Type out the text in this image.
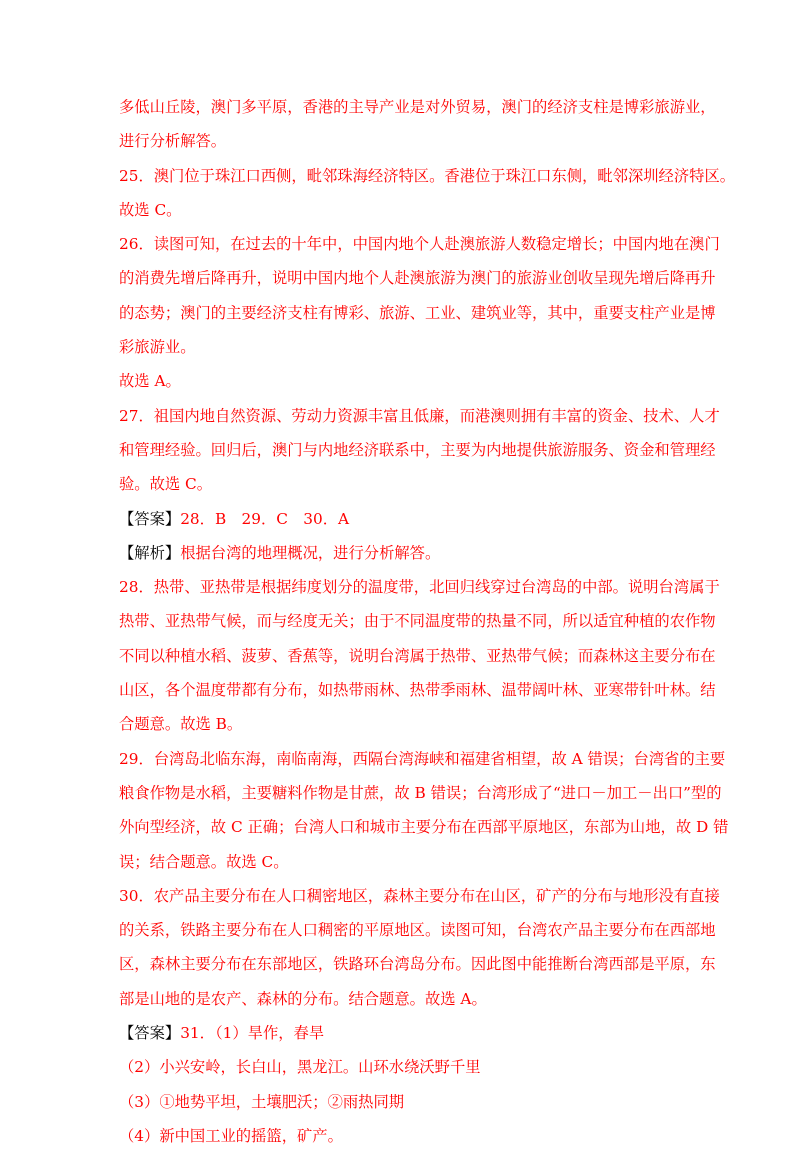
多低山丘陵，澳门多平原，香港的主导产业是对外贸易，澳门的经济支柱是博彩旅游业，
进行分析解答。
25．澳门位于珠江口西侧，毗邻珠海经济特区。香港位于珠江口东侧，毗邻深圳经济特区。
故选 C。
26．读图可知，在过去的十年中，中国内地个人赴澳旅游人数稳定增长；中国内地在澳门
的消费先增后降再升，说明中国内地个人赴澳旅游为澳门的旅游业创收呈现先增后降再升
的态势；澳门的主要经济支柱有博彩、旅游、工业、建筑业等，其中，重要支柱产业是博
彩旅游业。
故选 A。
27．祖国内地自然资源、劳动力资源丰富且低廉，而港澳则拥有丰富的资金、技术、人才
和管理经验。回归后，澳门与内地经济联系中，主要为内地提供旅游服务、资金和管理经
验。故选 C。
【答案】28．B　29．C　30．A
【解析】根据台湾的地理概况，进行分析解答。
28．热带、亚热带是根据纬度划分的温度带，北回归线穿过台湾岛的中部。说明台湾属于
热带、亚热带气候，而与经度无关；由于不同温度带的热量不同，所以适宜种植的农作物
不同以种植水稻、菠萝、香蕉等，说明台湾属于热带、亚热带气候；而森林这主要分布在
山区，各个温度带都有分布，如热带雨林、热带季雨林、温带阔叶林、亚寒带针叶林。结
合题意。故选 B。
29．台湾岛北临东海，南临南海，西隔台湾海峡和福建省相望，故 A 错误；台湾省的主要
粮食作物是水稻，主要糖料作物是甘蔗，故 B 错误；台湾形成了“进口－加工－出口”型的
外向型经济，故 C 正确；台湾人口和城市主要分布在西部平原地区，东部为山地，故 D 错
误；结合题意。故选 C。
30．农产品主要分布在人口稠密地区，森林主要分布在山区，矿产的分布与地形没有直接
的关系，铁路主要分布在人口稠密的平原地区。读图可知，台湾农产品主要分布在西部地
区，森林主要分布在东部地区，铁路环台湾岛分布。因此图中能推断台湾西部是平原，东
部是山地的是农产、森林的分布。结合题意。故选 A。
【答案】31．（1）旱作，春旱
（2）小兴安岭，长白山，黑龙江。山环水绕沃野千里
（3）①地势平坦，土壤肥沃；②雨热同期
（4）新中国工业的摇篮，矿产。
